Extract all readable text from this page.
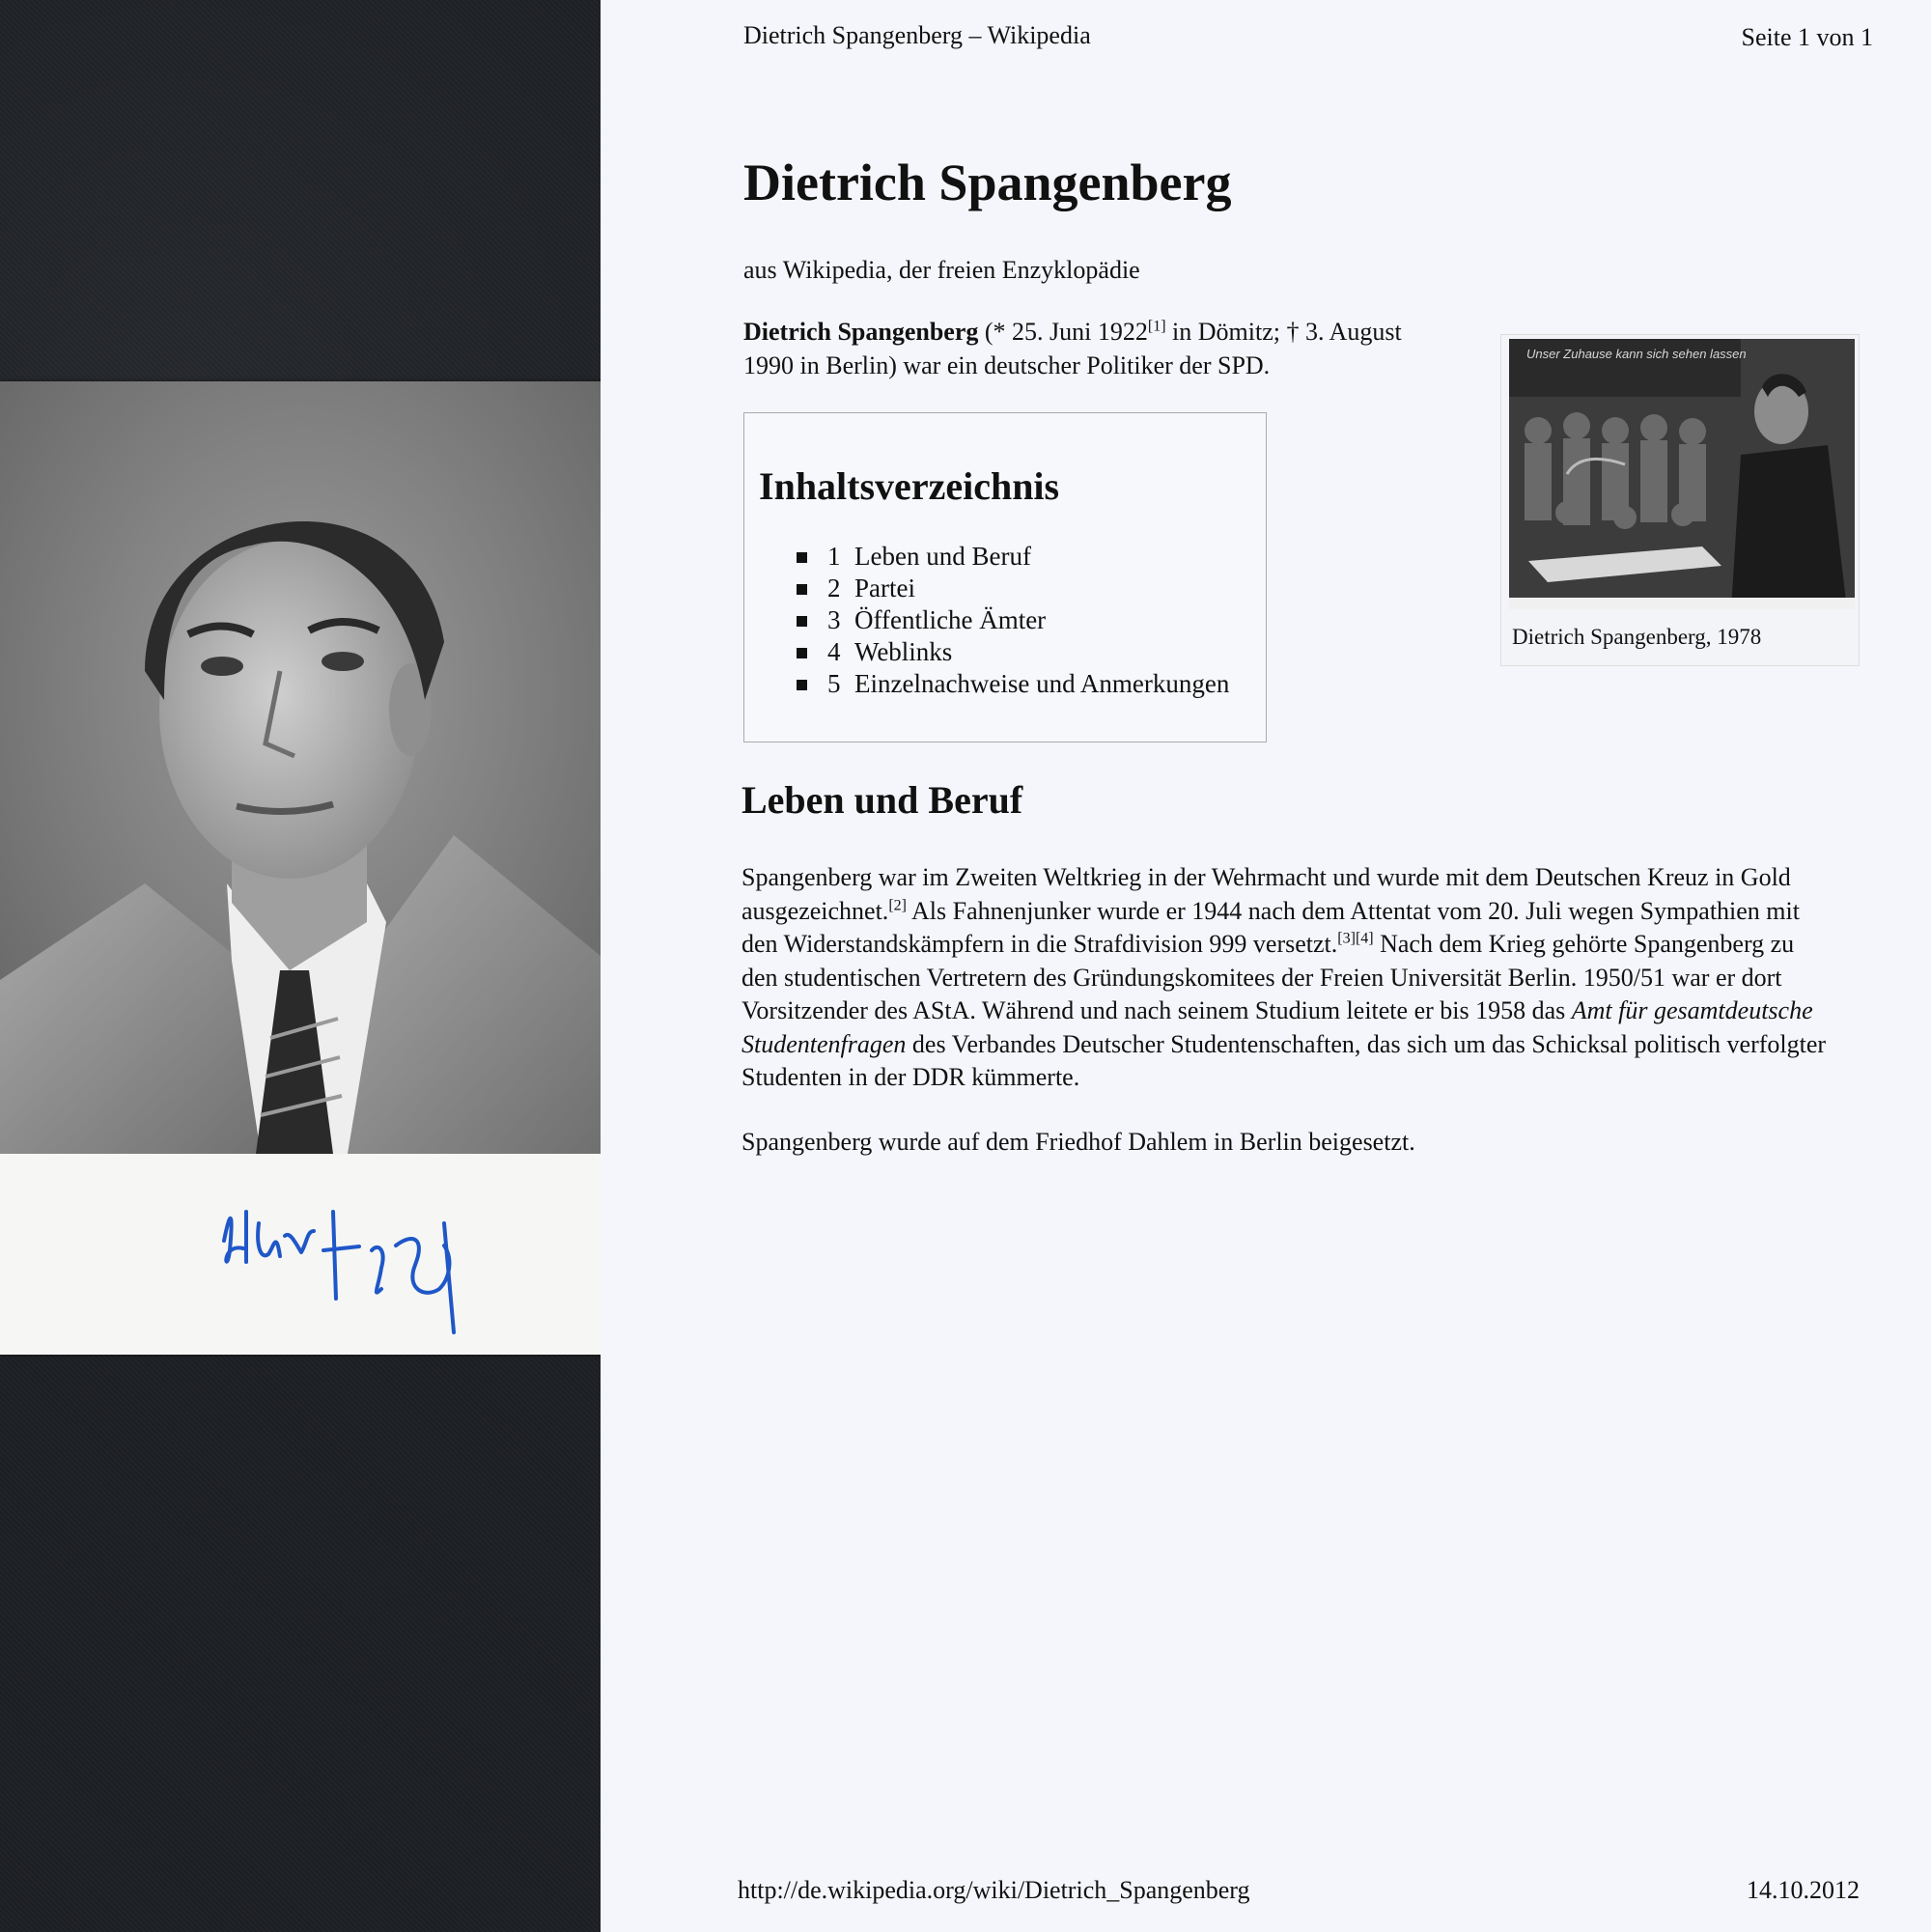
Dietrich Spangenberg – Wikipedia	Seite 1 von 1
Dietrich Spangenberg
aus Wikipedia, der freien Enzyklopädie
Dietrich Spangenberg (* 25. Juni 1922[1] in Dömitz; † 3. August 1990 in Berlin) war ein deutscher Politiker der SPD.
Inhaltsverzeichnis
1 Leben und Beruf
2 Partei
3 Öffentliche Ämter
4 Weblinks
5 Einzelnachweise und Anmerkungen
Unser Zuhause kann sich sehen lassen
Dietrich Spangenberg, 1978
Leben und Beruf
Spangenberg war im Zweiten Weltkrieg in der Wehrmacht und wurde mit dem Deutschen Kreuz in Gold ausgezeichnet.[2] Als Fahnenjunker wurde er 1944 nach dem Attentat vom 20. Juli wegen Sympathien mit den Widerstandskämpfern in die Strafdivision 999 versetzt.[3][4] Nach dem Krieg gehörte Spangenberg zu den studentischen Vertretern des Gründungskomitees der Freien Universität Berlin. 1950/51 war er dort Vorsitzender des AStA. Während und nach seinem Studium leitete er bis 1958 das Amt für gesamtdeutsche Studentenfragen des Verbandes Deutscher Studentenschaften, das sich um das Schicksal politisch verfolgter Studenten in der DDR kümmerte.
Spangenberg wurde auf dem Friedhof Dahlem in Berlin beigesetzt.
http://de.wikipedia.org/wiki/Dietrich_Spangenberg	14.10.2012
